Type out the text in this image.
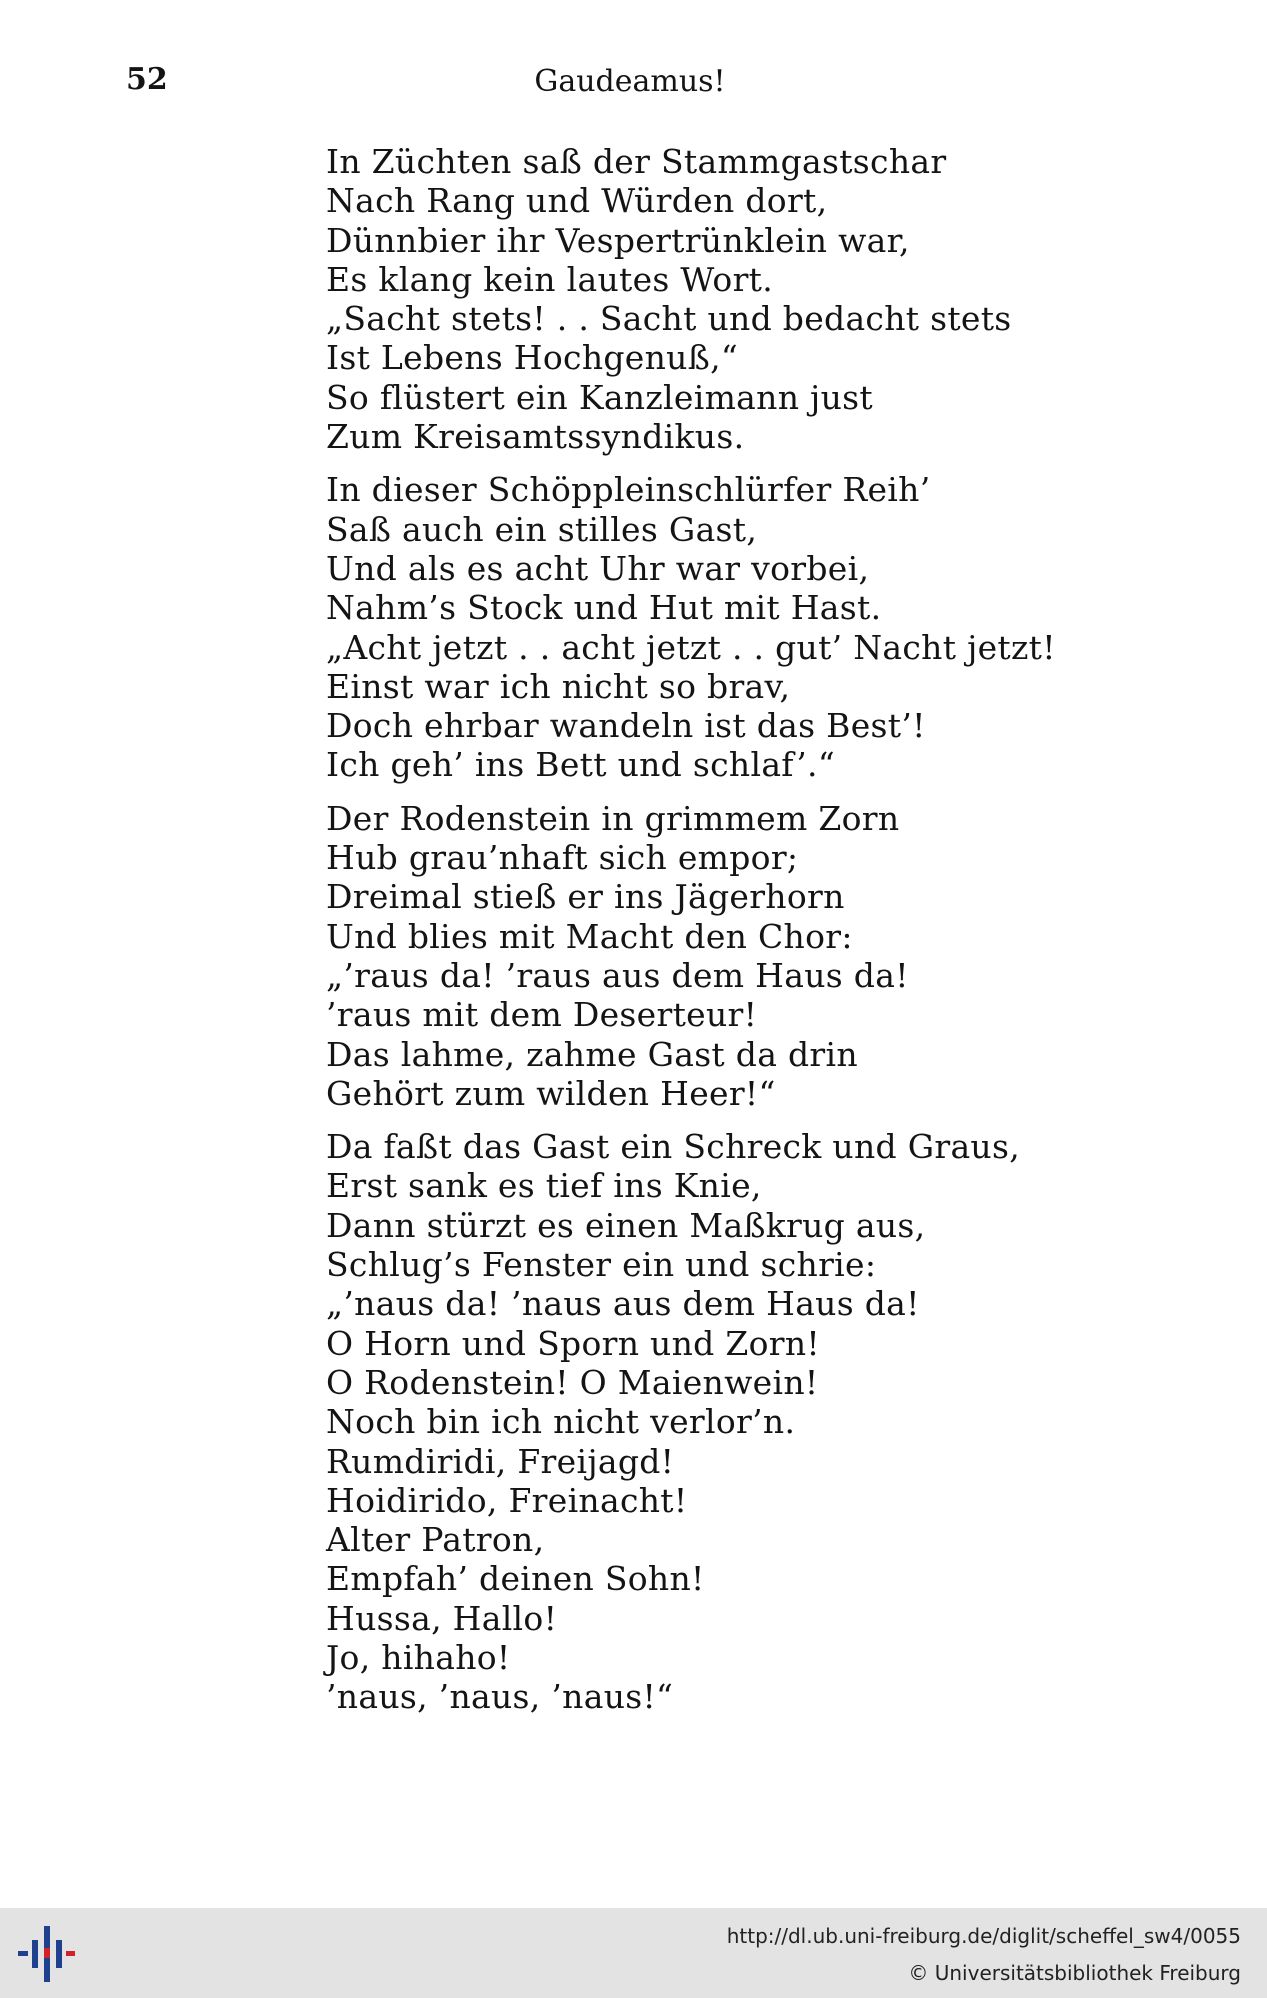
52	Gaudeamus!

In Züchten saß der Stammgastschar
Nach Rang und Würden dort,
Dünnbier ihr Vespertrünklein war,
Es klang kein lautes Wort.
„Sacht stets! . . Sacht und bedacht stets
Ist Lebens Hochgenuß,“
So flüstert ein Kanzleimann just
Zum Kreisamtssyndikus.
In dieser Schöppleinschlürfer Reih’
Saß auch ein stilles Gast,
Und als es acht Uhr war vorbei,
Nahm’s Stock und Hut mit Hast.
„Acht jetzt . . acht jetzt . . gut’ Nacht jetzt!
Einst war ich nicht so brav,
Doch ehrbar wandeln ist das Best’!
Ich geh’ ins Bett und schlaf’.“
Der Rodenstein in grimmem Zorn
Hub grau’nhaft sich empor;
Dreimal stieß er ins Jägerhorn
Und blies mit Macht den Chor:
„’raus da! ’raus aus dem Haus da!
’raus mit dem Deserteur!
Das lahme, zahme Gast da drin
Gehört zum wilden Heer!“
Da faßt das Gast ein Schreck und Graus,
Erst sank es tief ins Knie,
Dann stürzt es einen Maßkrug aus,
Schlug’s Fenster ein und schrie:
„’naus da! ’naus aus dem Haus da!
O Horn und Sporn und Zorn!
O Rodenstein! O Maienwein!
Noch bin ich nicht verlor’n.
Rumdiridi, Freijagd!
Hoidirido, Freinacht!
Alter Patron,
Empfah’ deinen Sohn!
Hussa, Hallo!
Jo, hihaho!
’naus, ’naus, ’naus!“
http://dl.ub.uni-freiburg.de/diglit/scheffel_sw4/0055
© Universitätsbibliothek Freiburg
